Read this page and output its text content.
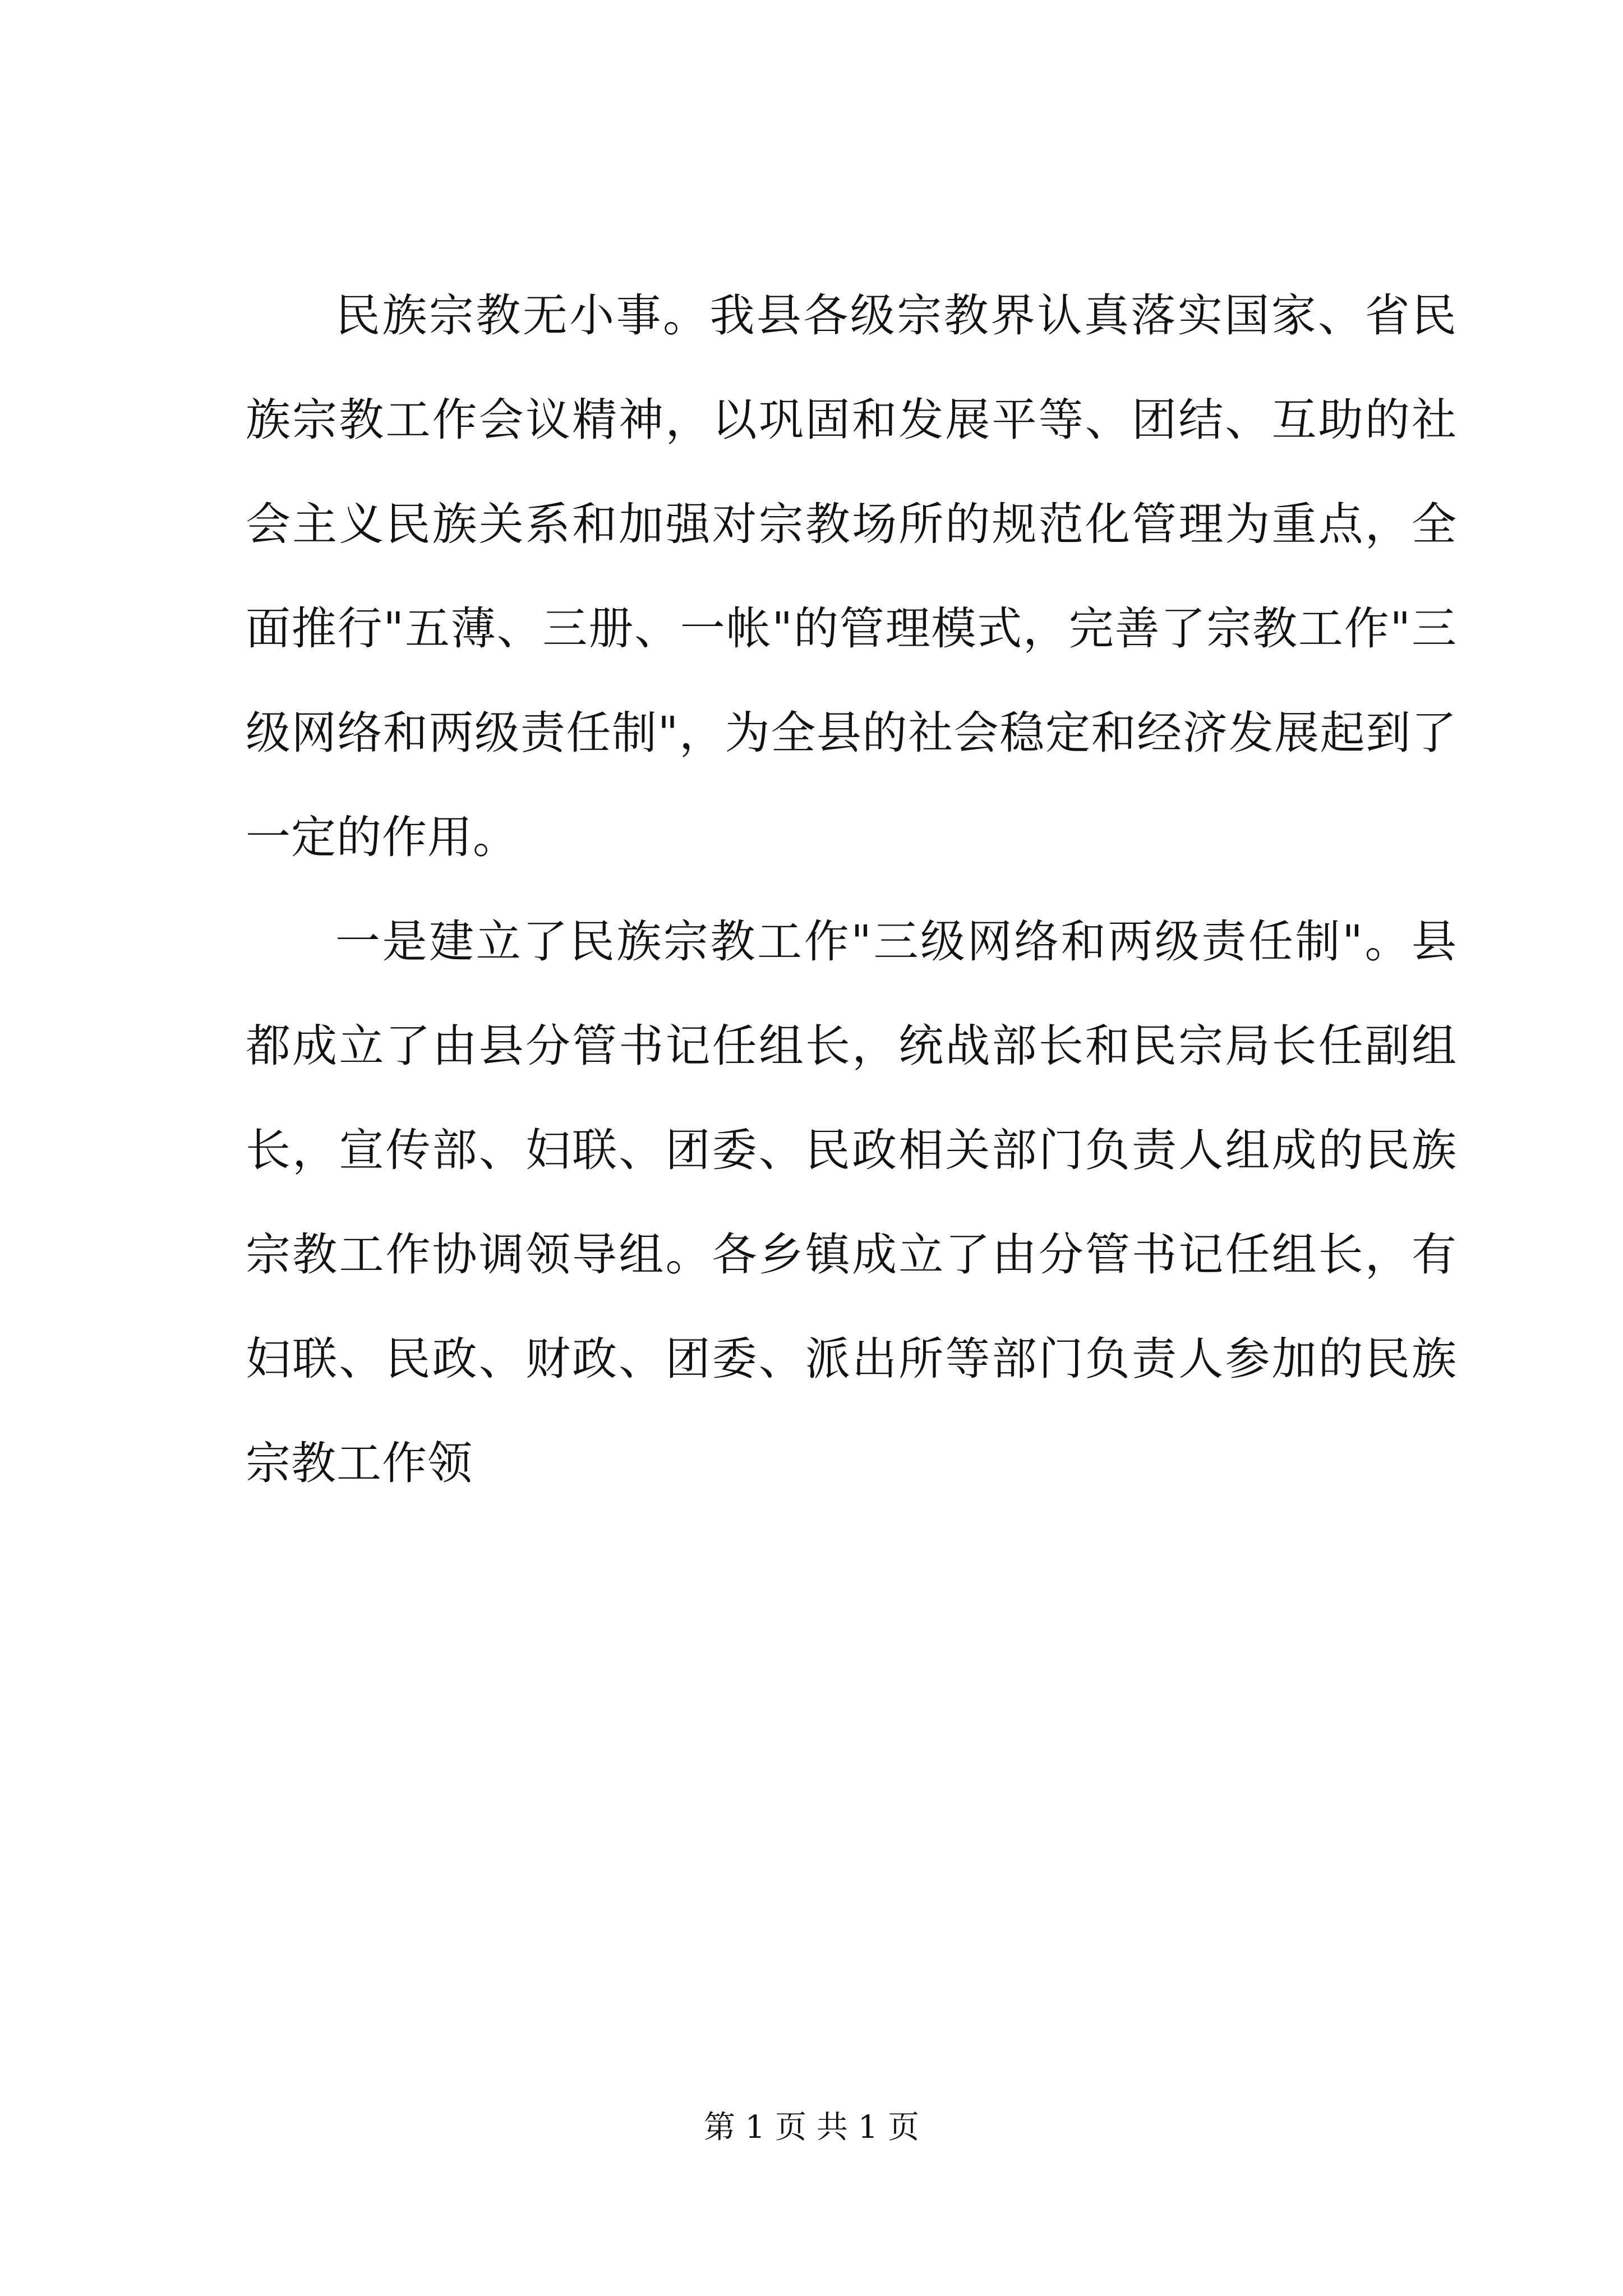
民族宗教无小事。我县各级宗教界认真落实国家、省民族宗教工作会议精神，以巩固和发展平等、团结、互助的社会主义民族关系和加强对宗教场所的规范化管理为重点，全面推行"五薄、三册、一帐"的管理模式，完善了宗教工作"三级网络和两级责任制"，为全县的社会稳定和经济发展起到了一定的作用。

一是建立了民族宗教工作"三级网络和两级责任制"。县都成立了由县分管书记任组长，统战部长和民宗局长任副组长，宣传部、妇联、团委、民政相关部门负责人组成的民族宗教工作协调领导组。各乡镇成立了由分管书记任组长，有妇联、民政、财政、团委、派出所等部门负责人参加的民族宗教工作领

第 1 页 共 1 页
